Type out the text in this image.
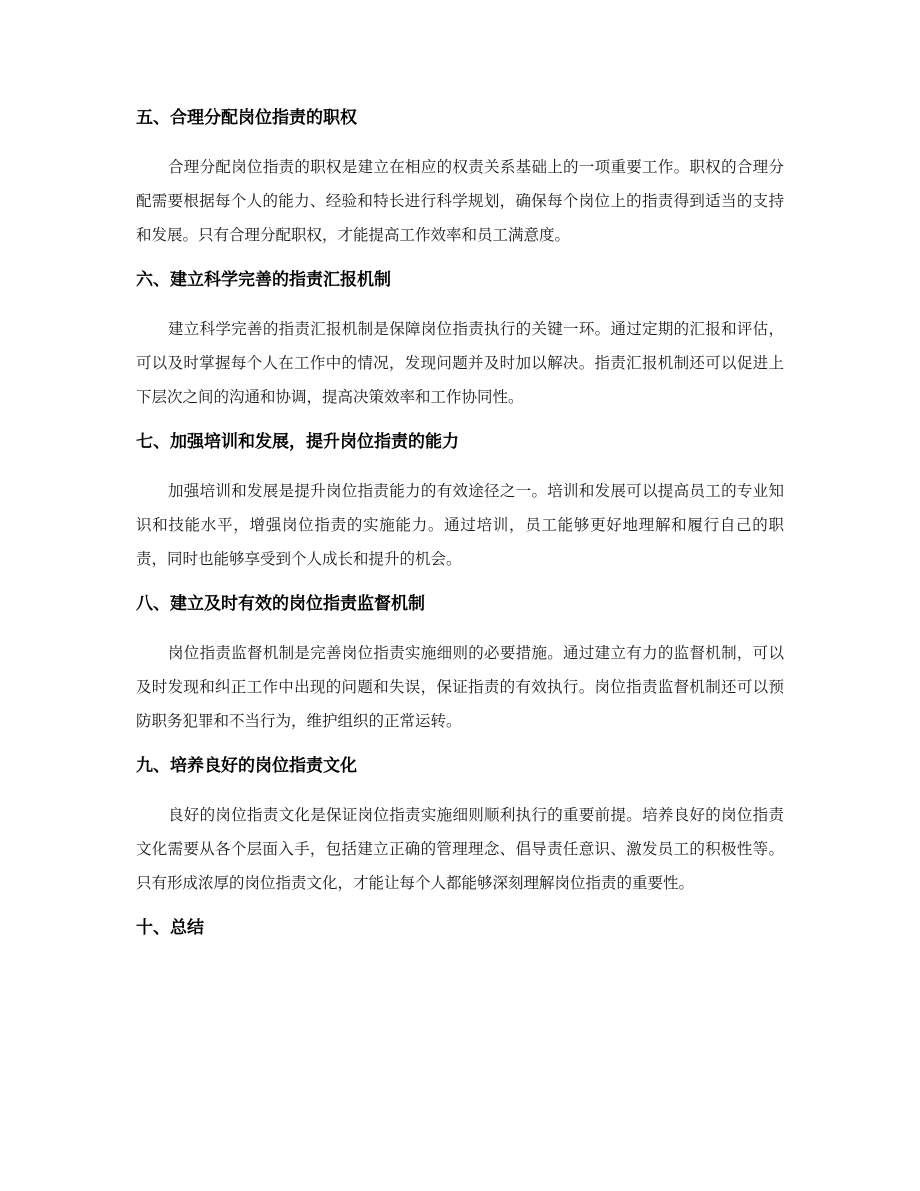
五、合理分配岗位指责的职权

合理分配岗位指责的职权是建立在相应的权责关系基础上的一项重要工作。职权的合理分配需要根据每个人的能力、经验和特长进行科学规划，确保每个岗位上的指责得到适当的支持和发展。只有合理分配职权，才能提高工作效率和员工满意度。

六、建立科学完善的指责汇报机制

建立科学完善的指责汇报机制是保障岗位指责执行的关键一环。通过定期的汇报和评估，可以及时掌握每个人在工作中的情况，发现问题并及时加以解决。指责汇报机制还可以促进上下层次之间的沟通和协调，提高决策效率和工作协同性。

七、加强培训和发展，提升岗位指责的能力

加强培训和发展是提升岗位指责能力的有效途径之一。培训和发展可以提高员工的专业知识和技能水平，增强岗位指责的实施能力。通过培训，员工能够更好地理解和履行自己的职责，同时也能够享受到个人成长和提升的机会。

八、建立及时有效的岗位指责监督机制

岗位指责监督机制是完善岗位指责实施细则的必要措施。通过建立有力的监督机制，可以及时发现和纠正工作中出现的问题和失误，保证指责的有效执行。岗位指责监督机制还可以预防职务犯罪和不当行为，维护组织的正常运转。

九、培养良好的岗位指责文化

良好的岗位指责文化是保证岗位指责实施细则顺利执行的重要前提。培养良好的岗位指责文化需要从各个层面入手，包括建立正确的管理理念、倡导责任意识、激发员工的积极性等。只有形成浓厚的岗位指责文化，才能让每个人都能够深刻理解岗位指责的重要性。

十、总结
